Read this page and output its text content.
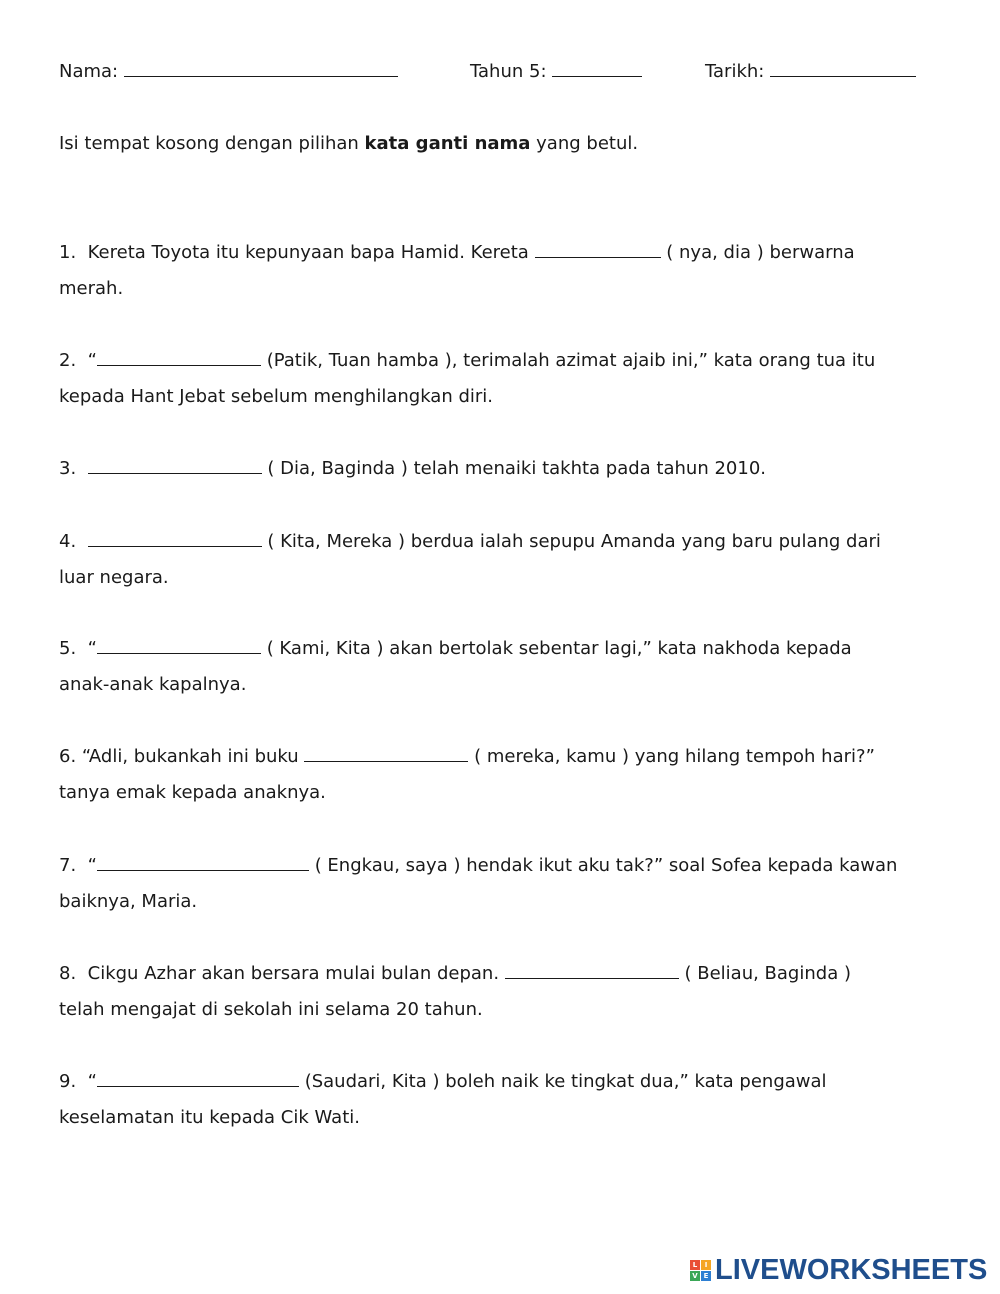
Nama:	Tahun 5:	Tarikh:
Isi tempat kosong dengan pilihan kata ganti nama yang betul.
1. Kereta Toyota itu kepunyaan bapa Hamid. Kereta	( nya, dia ) berwarna
merah.
2. “	(Patik, Tuan hamba ), terimalah azimat ajaib ini,” kata orang tua itu
kepada Hant Jebat sebelum menghilangkan diri.
3.	( Dia, Baginda ) telah menaiki takhta pada tahun 2010.
4.	( Kita, Mereka ) berdua ialah sepupu Amanda yang baru pulang dari
luar negara.
5. “	( Kami, Kita ) akan bertolak sebentar lagi,” kata nakhoda kepada
anak-anak kapalnya.
6. “Adli, bukankah ini buku	( mereka, kamu ) yang hilang tempoh hari?”
tanya emak kepada anaknya.
7. “	( Engkau, saya ) hendak ikut aku tak?” soal Sofea kepada kawan
baiknya, Maria.
8. Cikgu Azhar akan bersara mulai bulan depan.	( Beliau, Baginda )
telah mengajat di sekolah ini selama 20 tahun.
9. “	(Saudari, Kita ) boleh naik ke tingkat dua,” kata pengawal
keselamatan itu kepada Cik Wati.
L	I
V E LIVEWORKSHEETS
